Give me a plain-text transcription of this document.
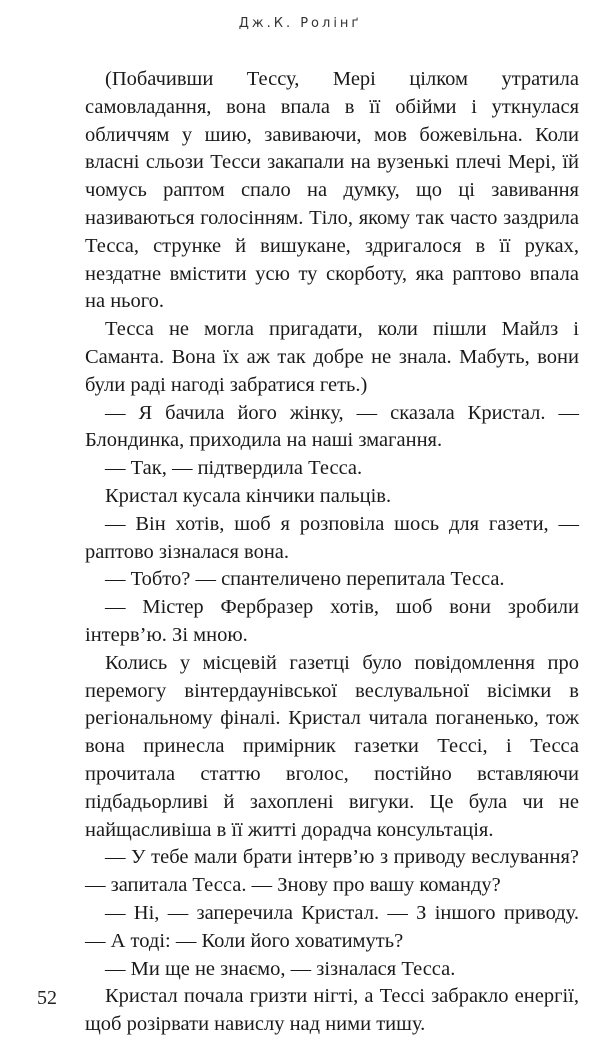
Дж.К. Ролінґ

(Побачивши Тессу, Мері цілком утратила самовладання, вона впала в її обійми і уткнулася обличчям у шию, завиваючи, мов божевільна. Коли власні сльози Тесси закапали на вузенькі плечі Мері, їй чомусь раптом спало на думку, що ці завивання називаються голосінням. Тіло, якому так часто заздрила Тесса, струнке й вишукане, здригалося в її руках, нездатне вмістити усю ту скорботу, яка раптово впала на нього.

Тесса не могла пригадати, коли пішли Майлз і Саманта. Вона їх аж так добре не знала. Мабуть, вони були раді нагоді забратися геть.)

— Я бачила його жінку, — сказала Кристал. — Блондинка, приходила на наші змагання.

— Так, — підтвердила Тесса.

Кристал кусала кінчики пальців.

— Він хотів, шоб я розповіла шось для газети, — раптово зізналася вона.

— Тобто? — спантеличено перепитала Тесса.

— Містер Фербразер хотів, шоб вони зробили інтерв’ю. Зі мною.

Колись у місцевій газетці було повідомлення про перемогу вінтердаунівської веслувальної вісімки в регіональному фіналі. Кристал читала поганенько, тож вона принесла примірник газетки Тессі, і Тесса прочитала статтю вголос, постійно вставляючи підбадьорливі й захоплені вигуки. Це була чи не найщасливіша в її житті дорадча консультація.

— У тебе мали брати інтерв’ю з приводу веслування? — запитала Тесса. — Знову про вашу команду?

— Ні, — заперечила Кристал. — З іншого приводу. — А тоді: — Коли його ховатимуть?

— Ми ще не знаємо, — зізналася Тесса.

Кристал почала гризти нігті, а Тессі забракло енергії, щоб розірвати навислу над ними тишу.

52
